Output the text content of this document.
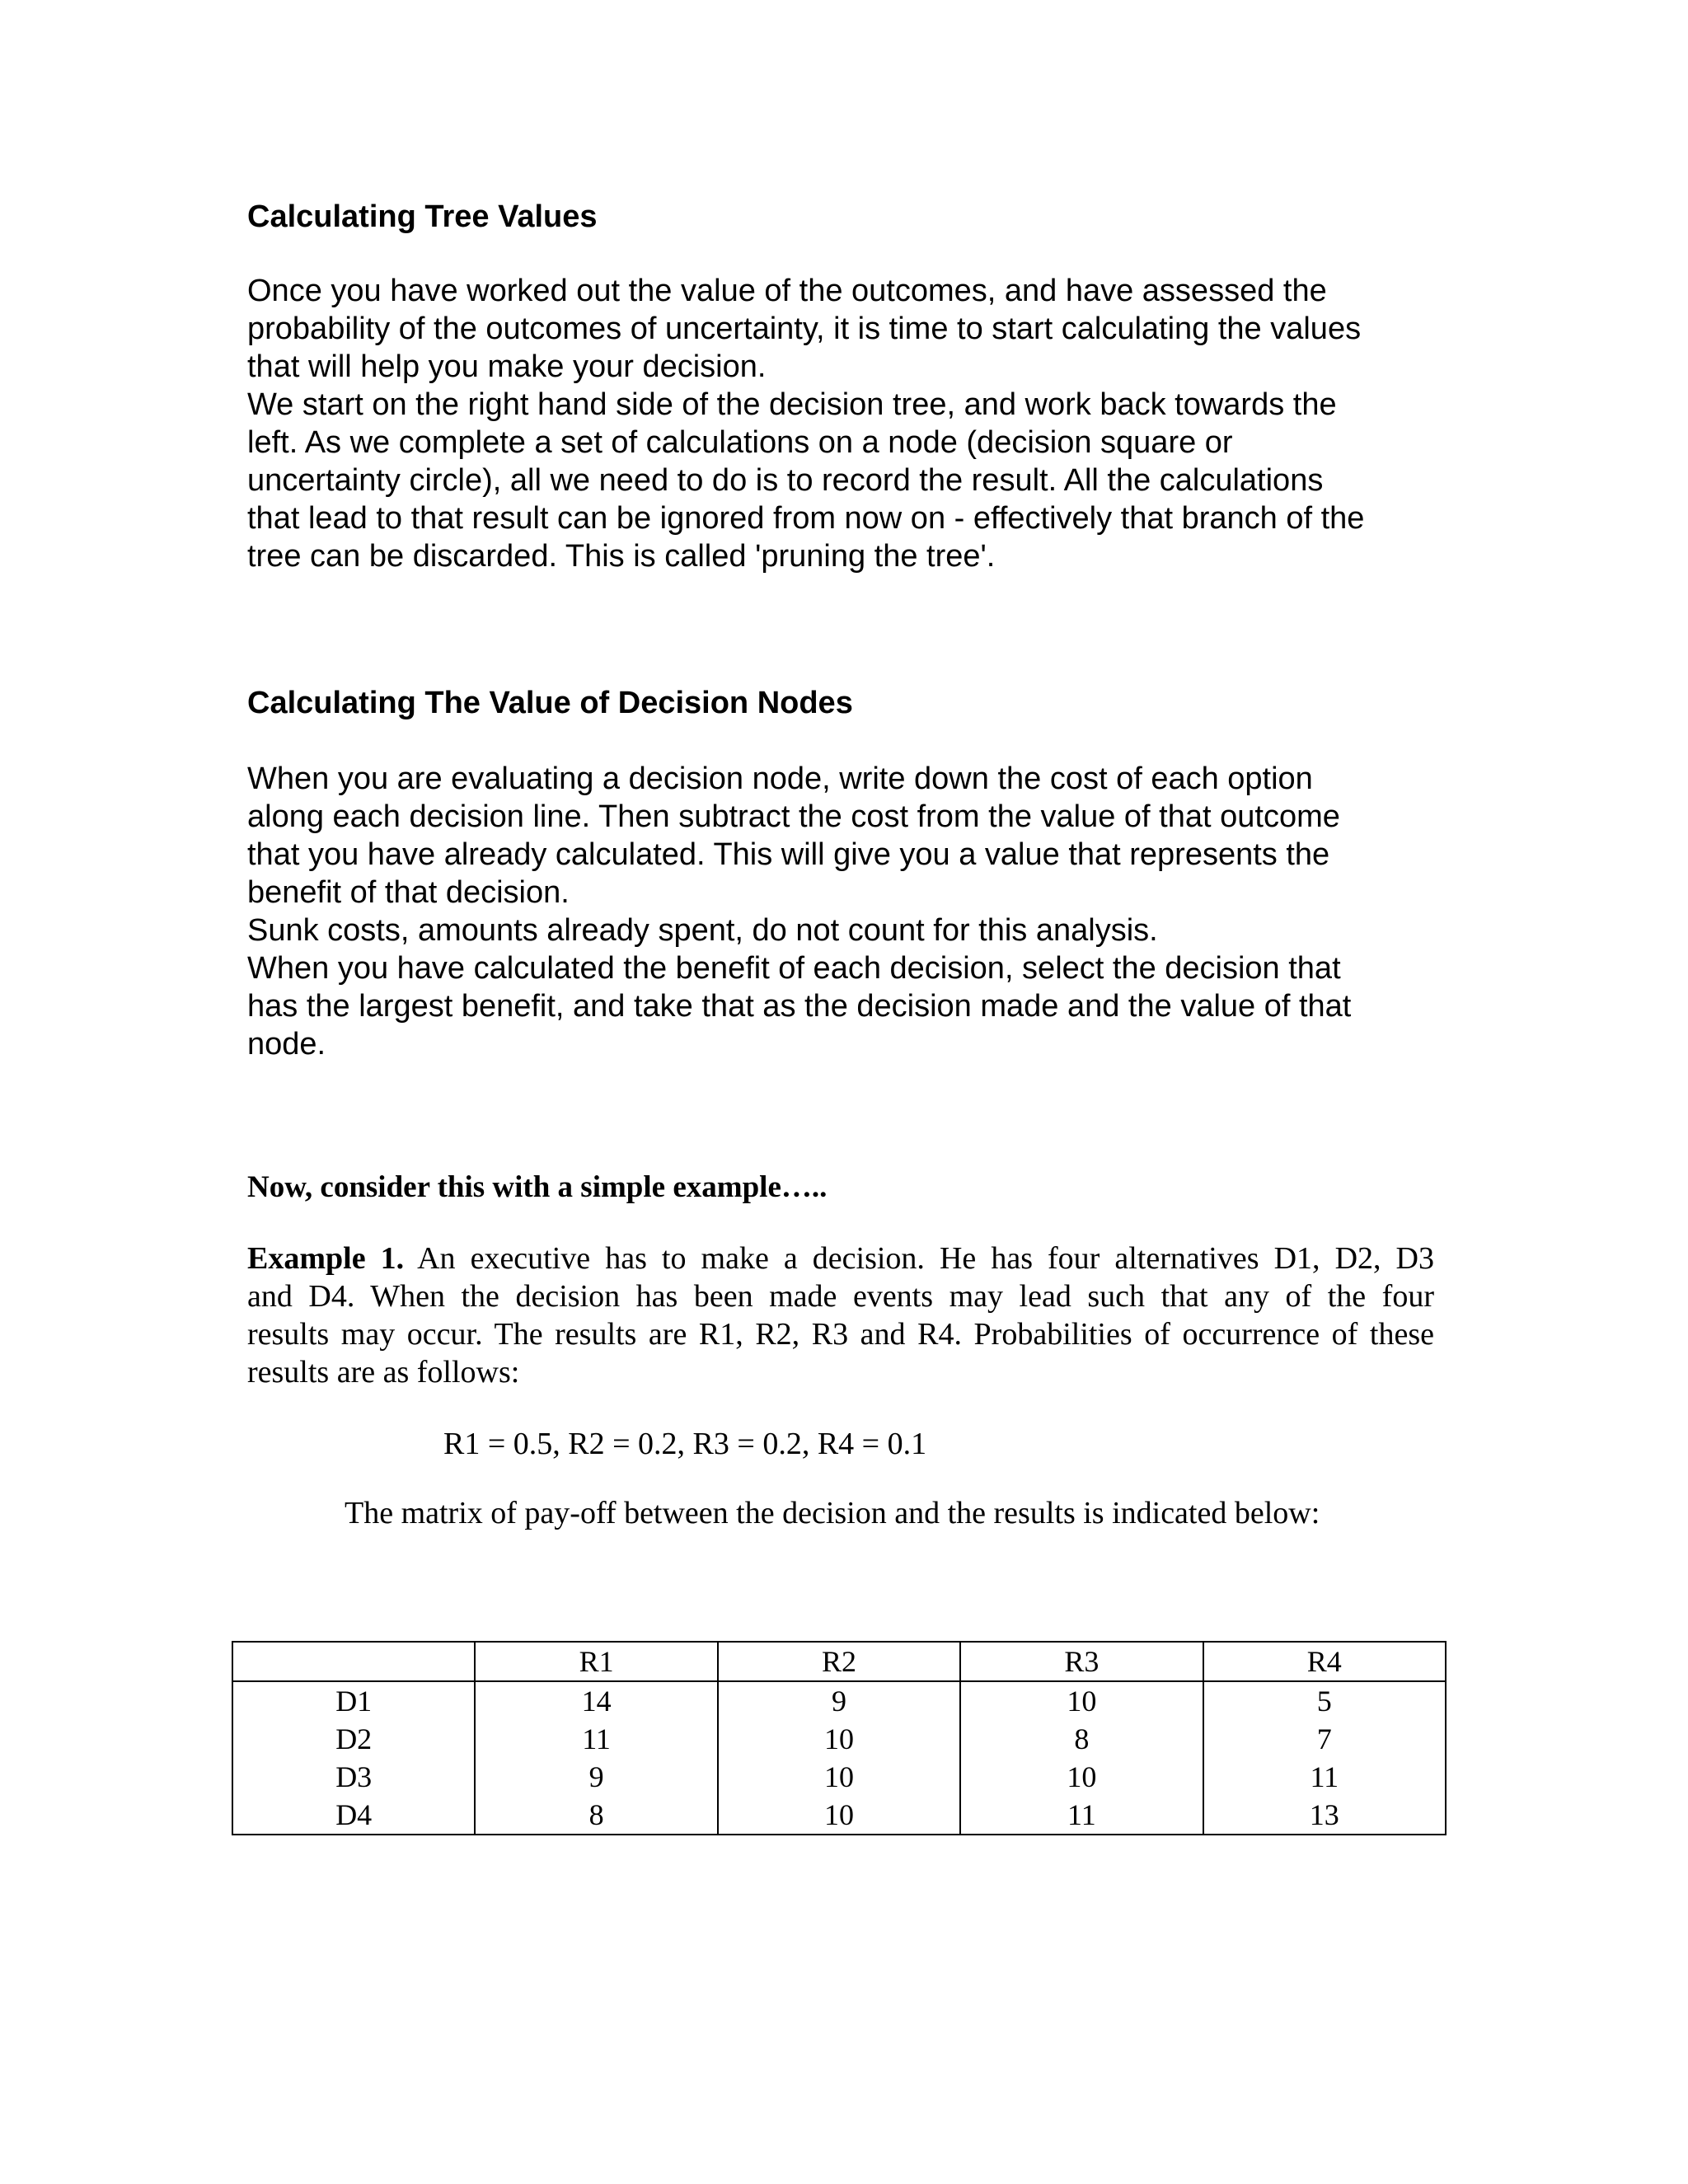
Calculating Tree Values

Once you have worked out the value of the outcomes, and have assessed the
probability of the outcomes of uncertainty, it is time to start calculating the values
that will help you make your decision.
We start on the right hand side of the decision tree, and work back towards the
left. As we complete a set of calculations on a node (decision square or
uncertainty circle), all we need to do is to record the result. All the calculations
that lead to that result can be ignored from now on - effectively that branch of the
tree can be discarded. This is called 'pruning the tree'.

Calculating The Value of Decision Nodes

When you are evaluating a decision node, write down the cost of each option
along each decision line. Then subtract the cost from the value of that outcome
that you have already calculated. This will give you a value that represents the
benefit of that decision.
Sunk costs, amounts already spent, do not count for this analysis.
When you have calculated the benefit of each decision, select the decision that
has the largest benefit, and take that as the decision made and the value of that
node.

Now, consider this with a simple example…..

Example 1. An executive has to make a decision. He has four alternatives D1, D2, D3
and D4. When the decision has been made events may lead such that any of the four
results may occur. The results are R1, R2, R3 and R4. Probabilities of occurrence of these
results are as follows:

R1 = 0.5, R2 = 0.2, R3 = 0.2, R4 = 0.1

The matrix of pay-off between the decision and the results is indicated below:

	R1	R2	R3	R4
D1	14	9	10	5
D2	11	10	8	7
D3	9	10	10	11
D4	8	10	11	13
